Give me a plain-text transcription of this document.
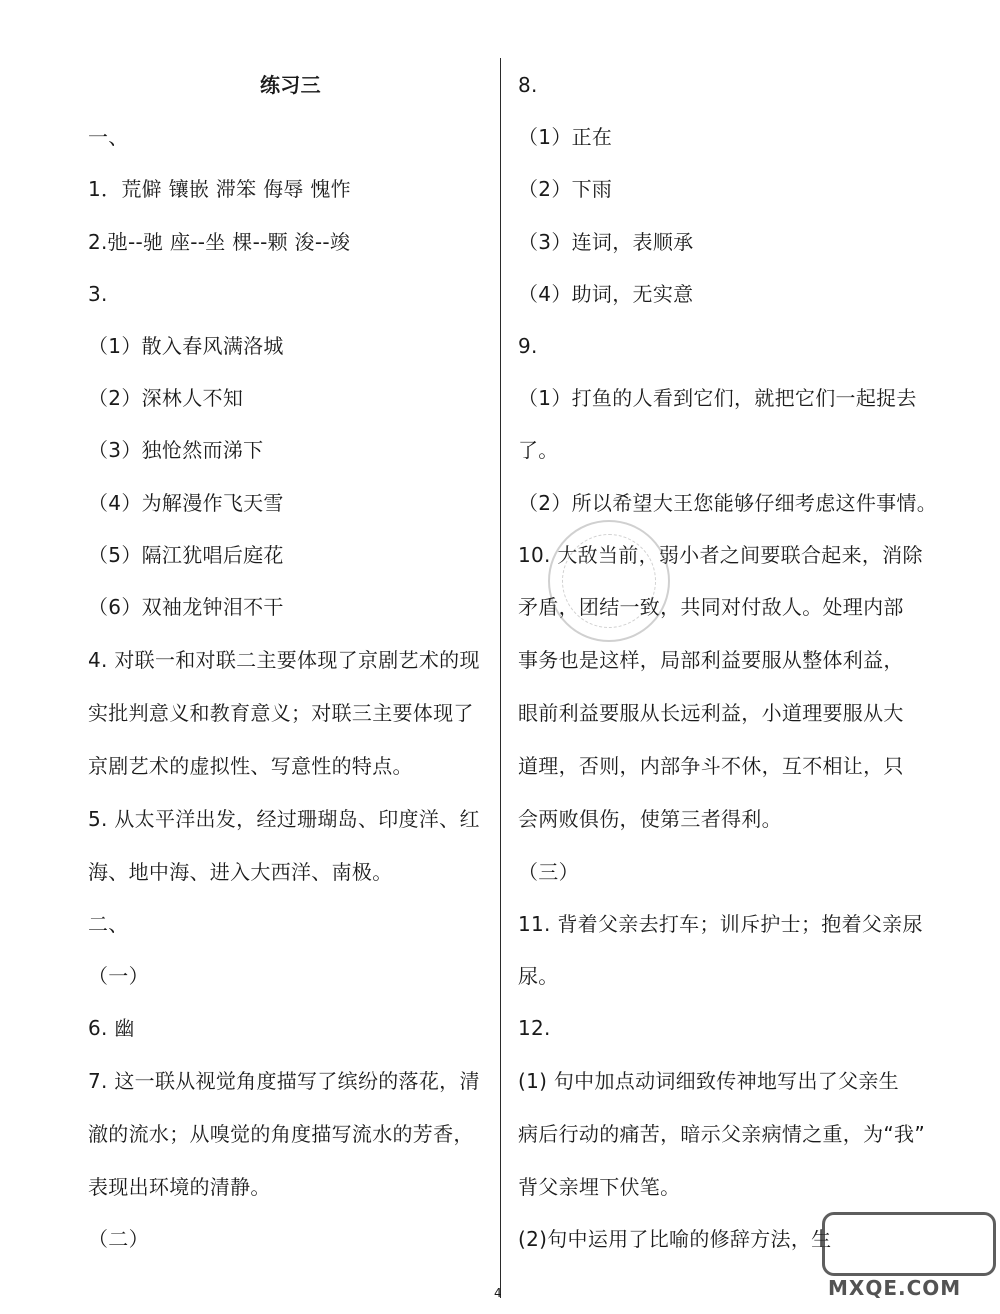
练习三
一、
1．荒僻 镶嵌 滞笨 侮辱 愧怍
2.弛--驰 座--坐 棵--颗 浚--竣
3.
（1）散入春风满洛城
（2）深林人不知
（3）独怆然而涕下
（4）为解漫作飞天雪
（5）隔江犹唱后庭花
（6）双袖龙钟泪不干
4. 对联一和对联二主要体现了京剧艺术的现
实批判意义和教育意义；对联三主要体现了
京剧艺术的虚拟性、写意性的特点。
5. 从太平洋出发，经过珊瑚岛、印度洋、红
海、地中海、进入大西洋、南极。
二、
（一）
6. 幽
7. 这一联从视觉角度描写了缤纷的落花，清
澈的流水；从嗅觉的角度描写流水的芳香，
表现出环境的清静。
（二）
8.
（1）正在
（2）下雨
（3）连词，表顺承
（4）助词，无实意
9.
（1）打鱼的人看到它们，就把它们一起捉去
了。
（2）所以希望大王您能够仔细考虑这件事情。
10. 大敌当前，弱小者之间要联合起来，消除
矛盾，团结一致，共同对付敌人。处理内部
事务也是这样，局部利益要服从整体利益，
眼前利益要服从长远利益，小道理要服从大
道理，否则，内部争斗不休，互不相让，只
会两败俱伤，使第三者得利。
（三）
11. 背着父亲去打车；训斥护士；抱着父亲尿
尿。
12.
(1) 句中加点动词细致传神地写出了父亲生
病后行动的痛苦，暗示父亲病情之重，为“我”
背父亲埋下伏笔。
(2)句中运用了比喻的修辞方法，生
MXQE.COM
4
